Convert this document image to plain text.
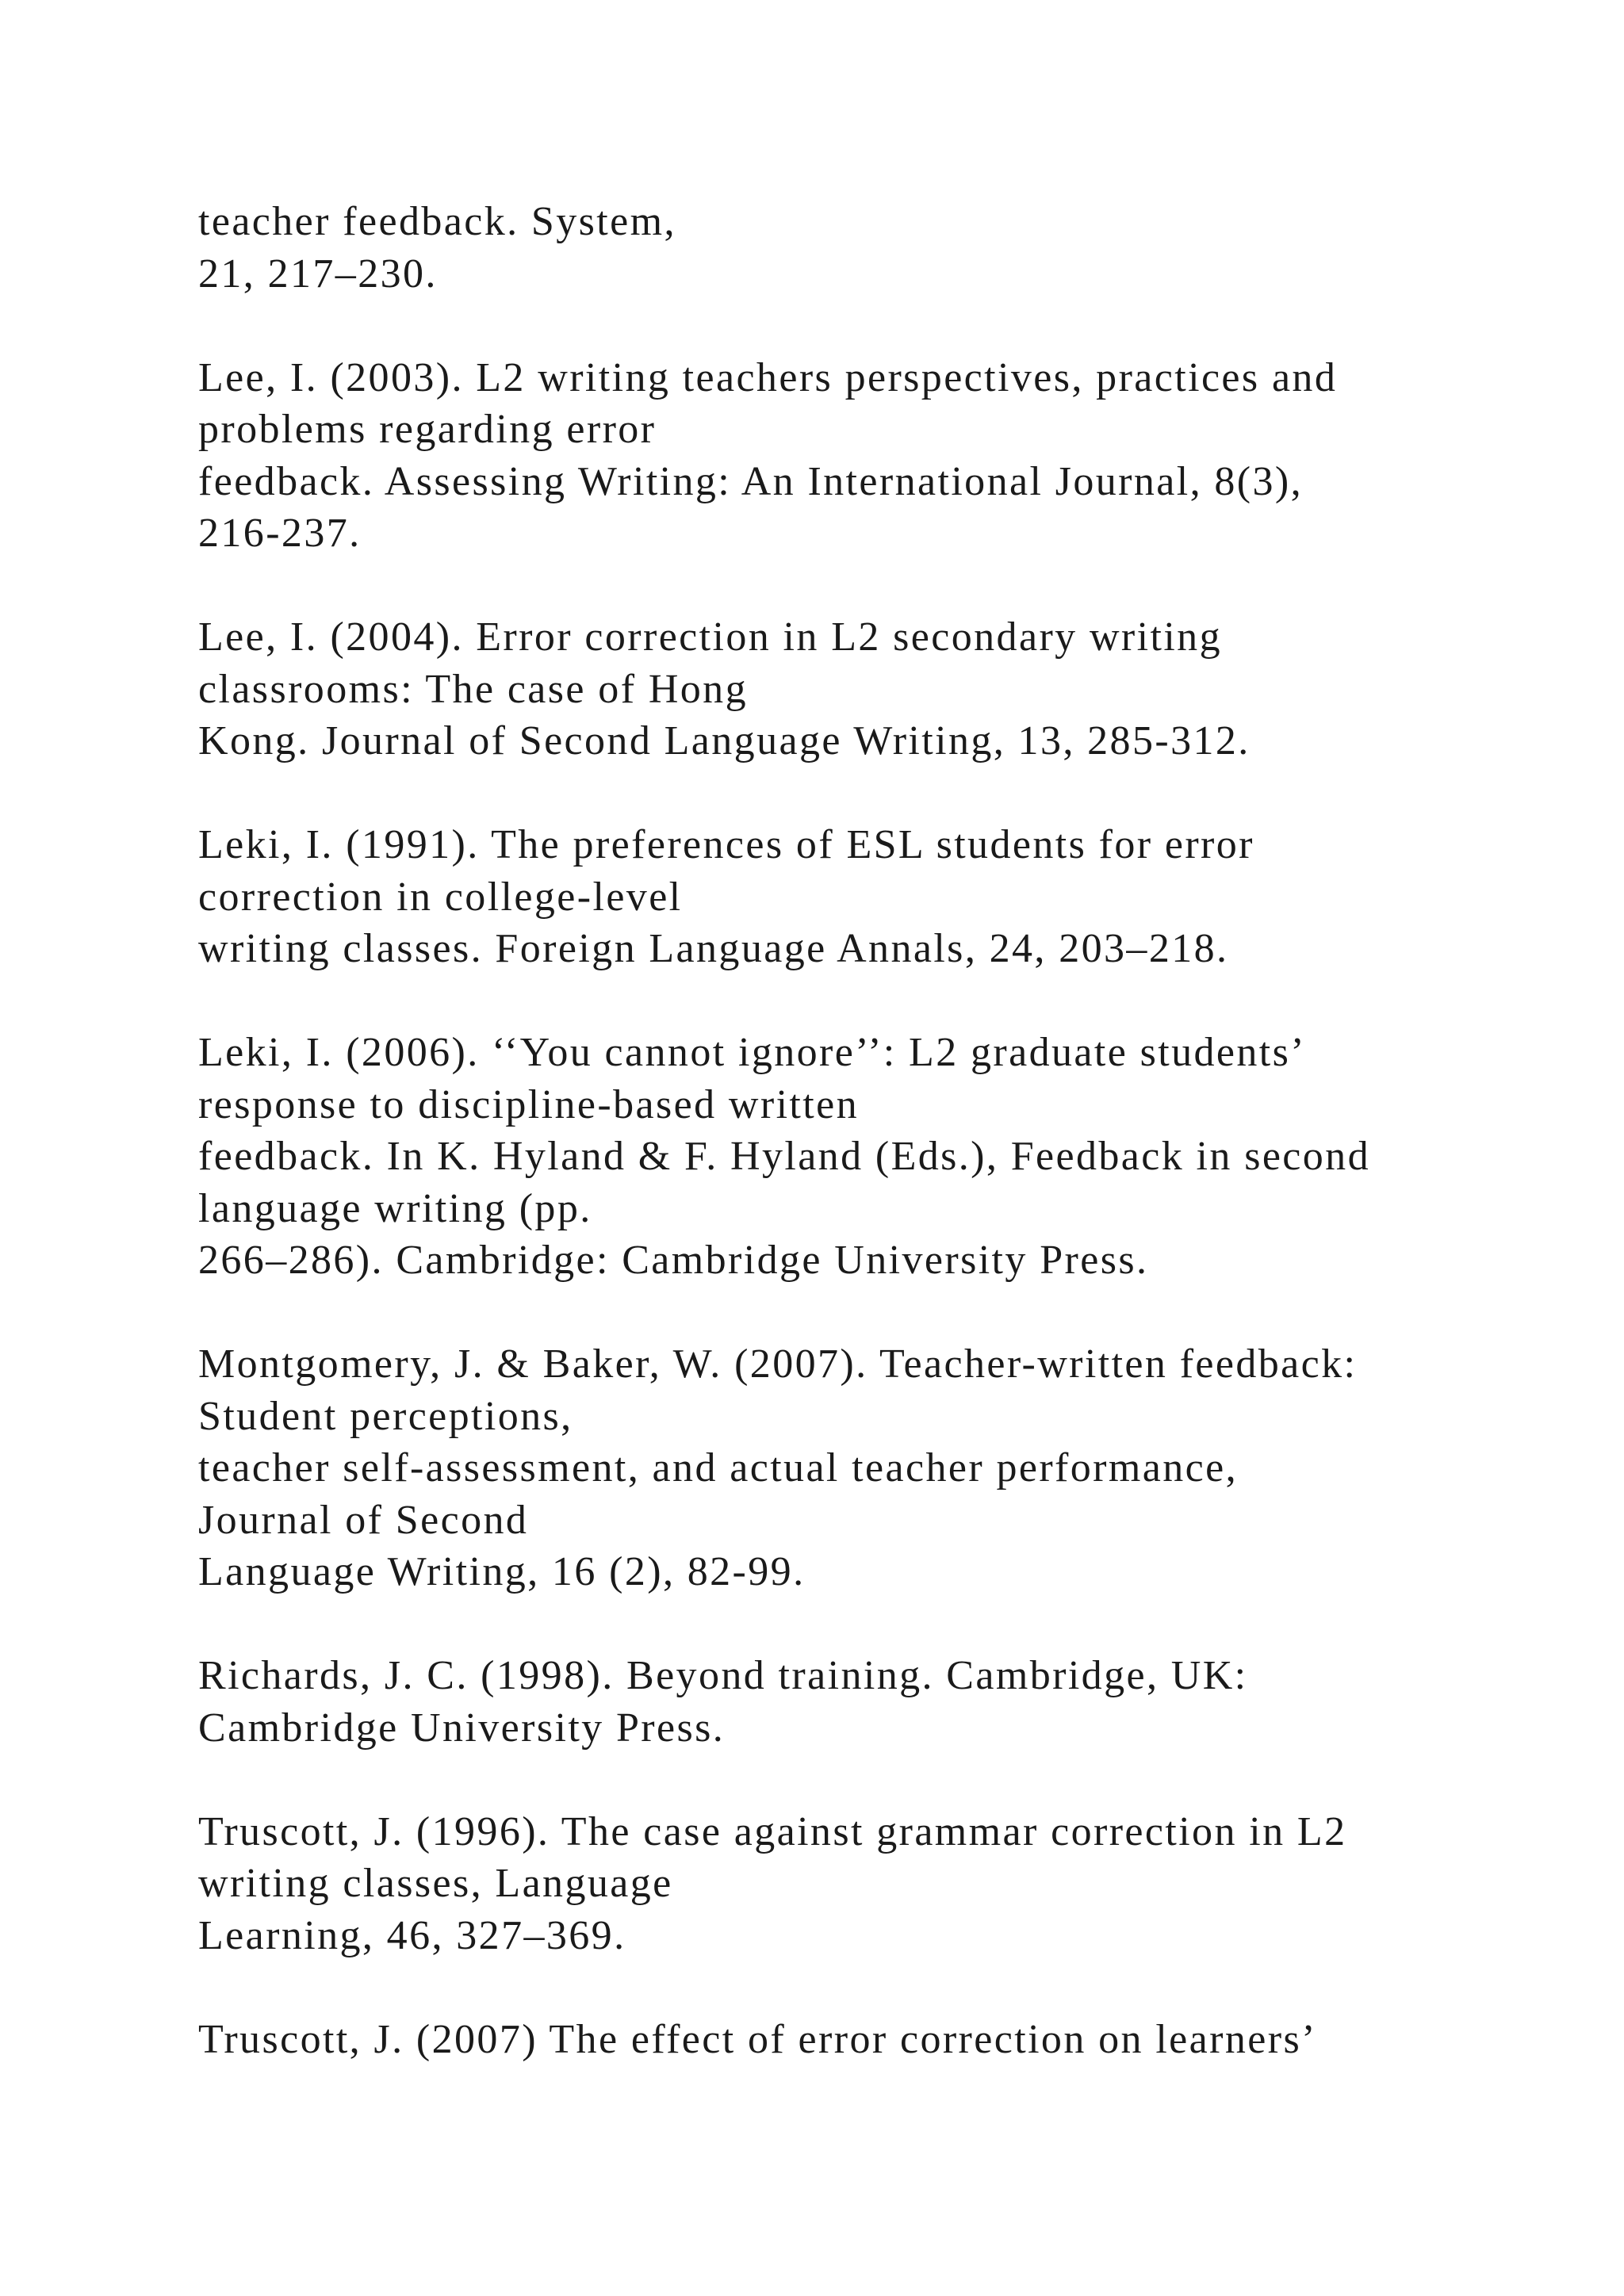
teacher feedback. System,
21, 217–230.
Lee, I. (2003). L2 writing teachers perspectives, practices and
problems regarding error
feedback. Assessing Writing: An International Journal, 8(3),
216-237.
Lee, I. (2004). Error correction in L2 secondary writing
classrooms: The case of Hong
Kong. Journal of Second Language Writing, 13, 285-312.
Leki, I. (1991). The preferences of ESL students for error
correction in college-level
writing classes. Foreign Language Annals, 24, 203–218.
Leki, I. (2006). ‘‘You cannot ignore’’: L2 graduate students’
response to discipline-based written
feedback. In K. Hyland & F. Hyland (Eds.), Feedback in second
language writing (pp.
266–286). Cambridge: Cambridge University Press.
Montgomery, J. & Baker, W. (2007). Teacher-written feedback:
Student perceptions,
teacher self-assessment, and actual teacher performance,
Journal of Second
Language Writing, 16 (2), 82-99.
Richards, J. C. (1998). Beyond training. Cambridge, UK:
Cambridge University Press.
Truscott, J. (1996). The case against grammar correction in L2
writing classes, Language
Learning, 46, 327–369.
Truscott, J. (2007) The effect of error correction on learners’
